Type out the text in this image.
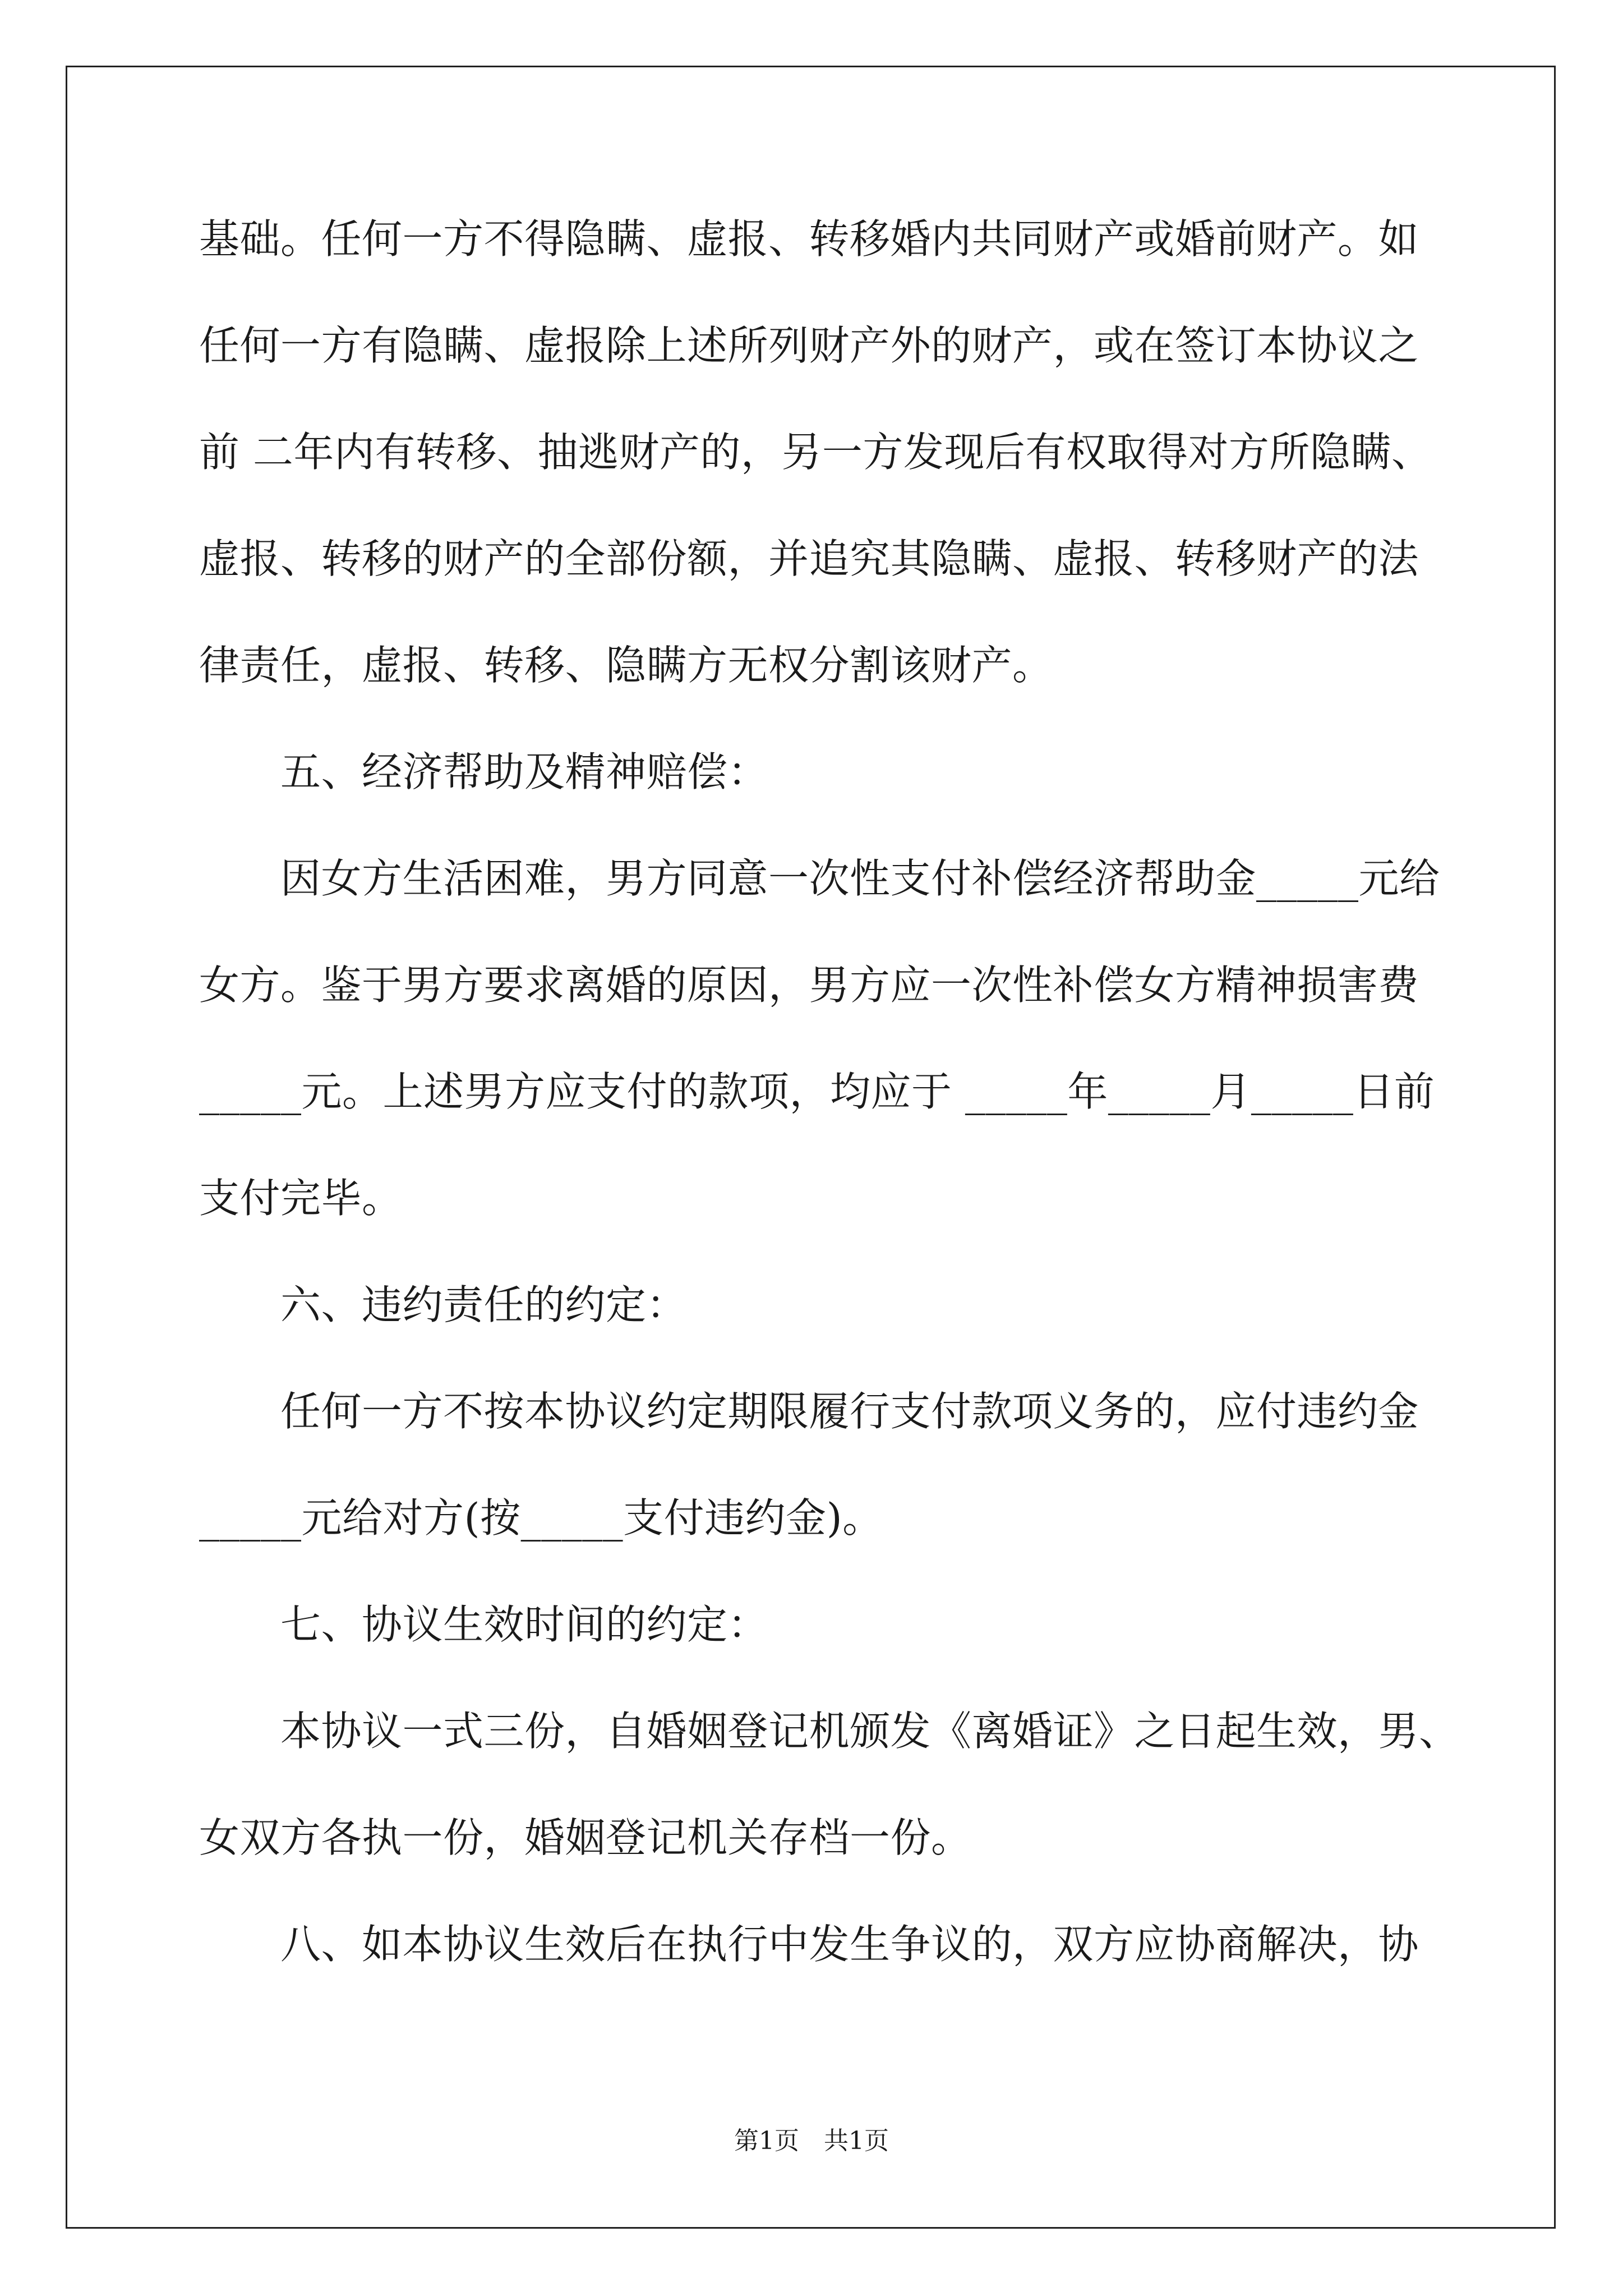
基础。任何一方不得隐瞒、虚报、转移婚内共同财产或婚前财产。如
任何一方有隐瞒、虚报除上述所列财产外的财产，或在签订本协议之
前 二年内有转移、抽逃财产的，另一方发现后有权取得对方所隐瞒、
虚报、转移的财产的全部份额，并追究其隐瞒、虚报、转移财产的法
律责任，虚报、转移、隐瞒方无权分割该财产。
　　五、经济帮助及精神赔偿：
　　因女方生活困难，男方同意一次性支付补偿经济帮助金_____元给
女方。鉴于男方要求离婚的原因，男方应一次性补偿女方精神损害费
_____元。上述男方应支付的款项，均应于 _____年_____月_____日前
支付完毕。
　　六、违约责任的约定：
　　任何一方不按本协议约定期限履行支付款项义务的，应付违约金
_____元给对方(按_____支付违约金)。
　　七、协议生效时间的约定：
　　本协议一式三份，自婚姻登记机颁发《离婚证》之日起生效，男、
女双方各执一份，婚姻登记机关存档一份。
　　八、如本协议生效后在执行中发生争议的，双方应协商解决，协
第1页　共1页
